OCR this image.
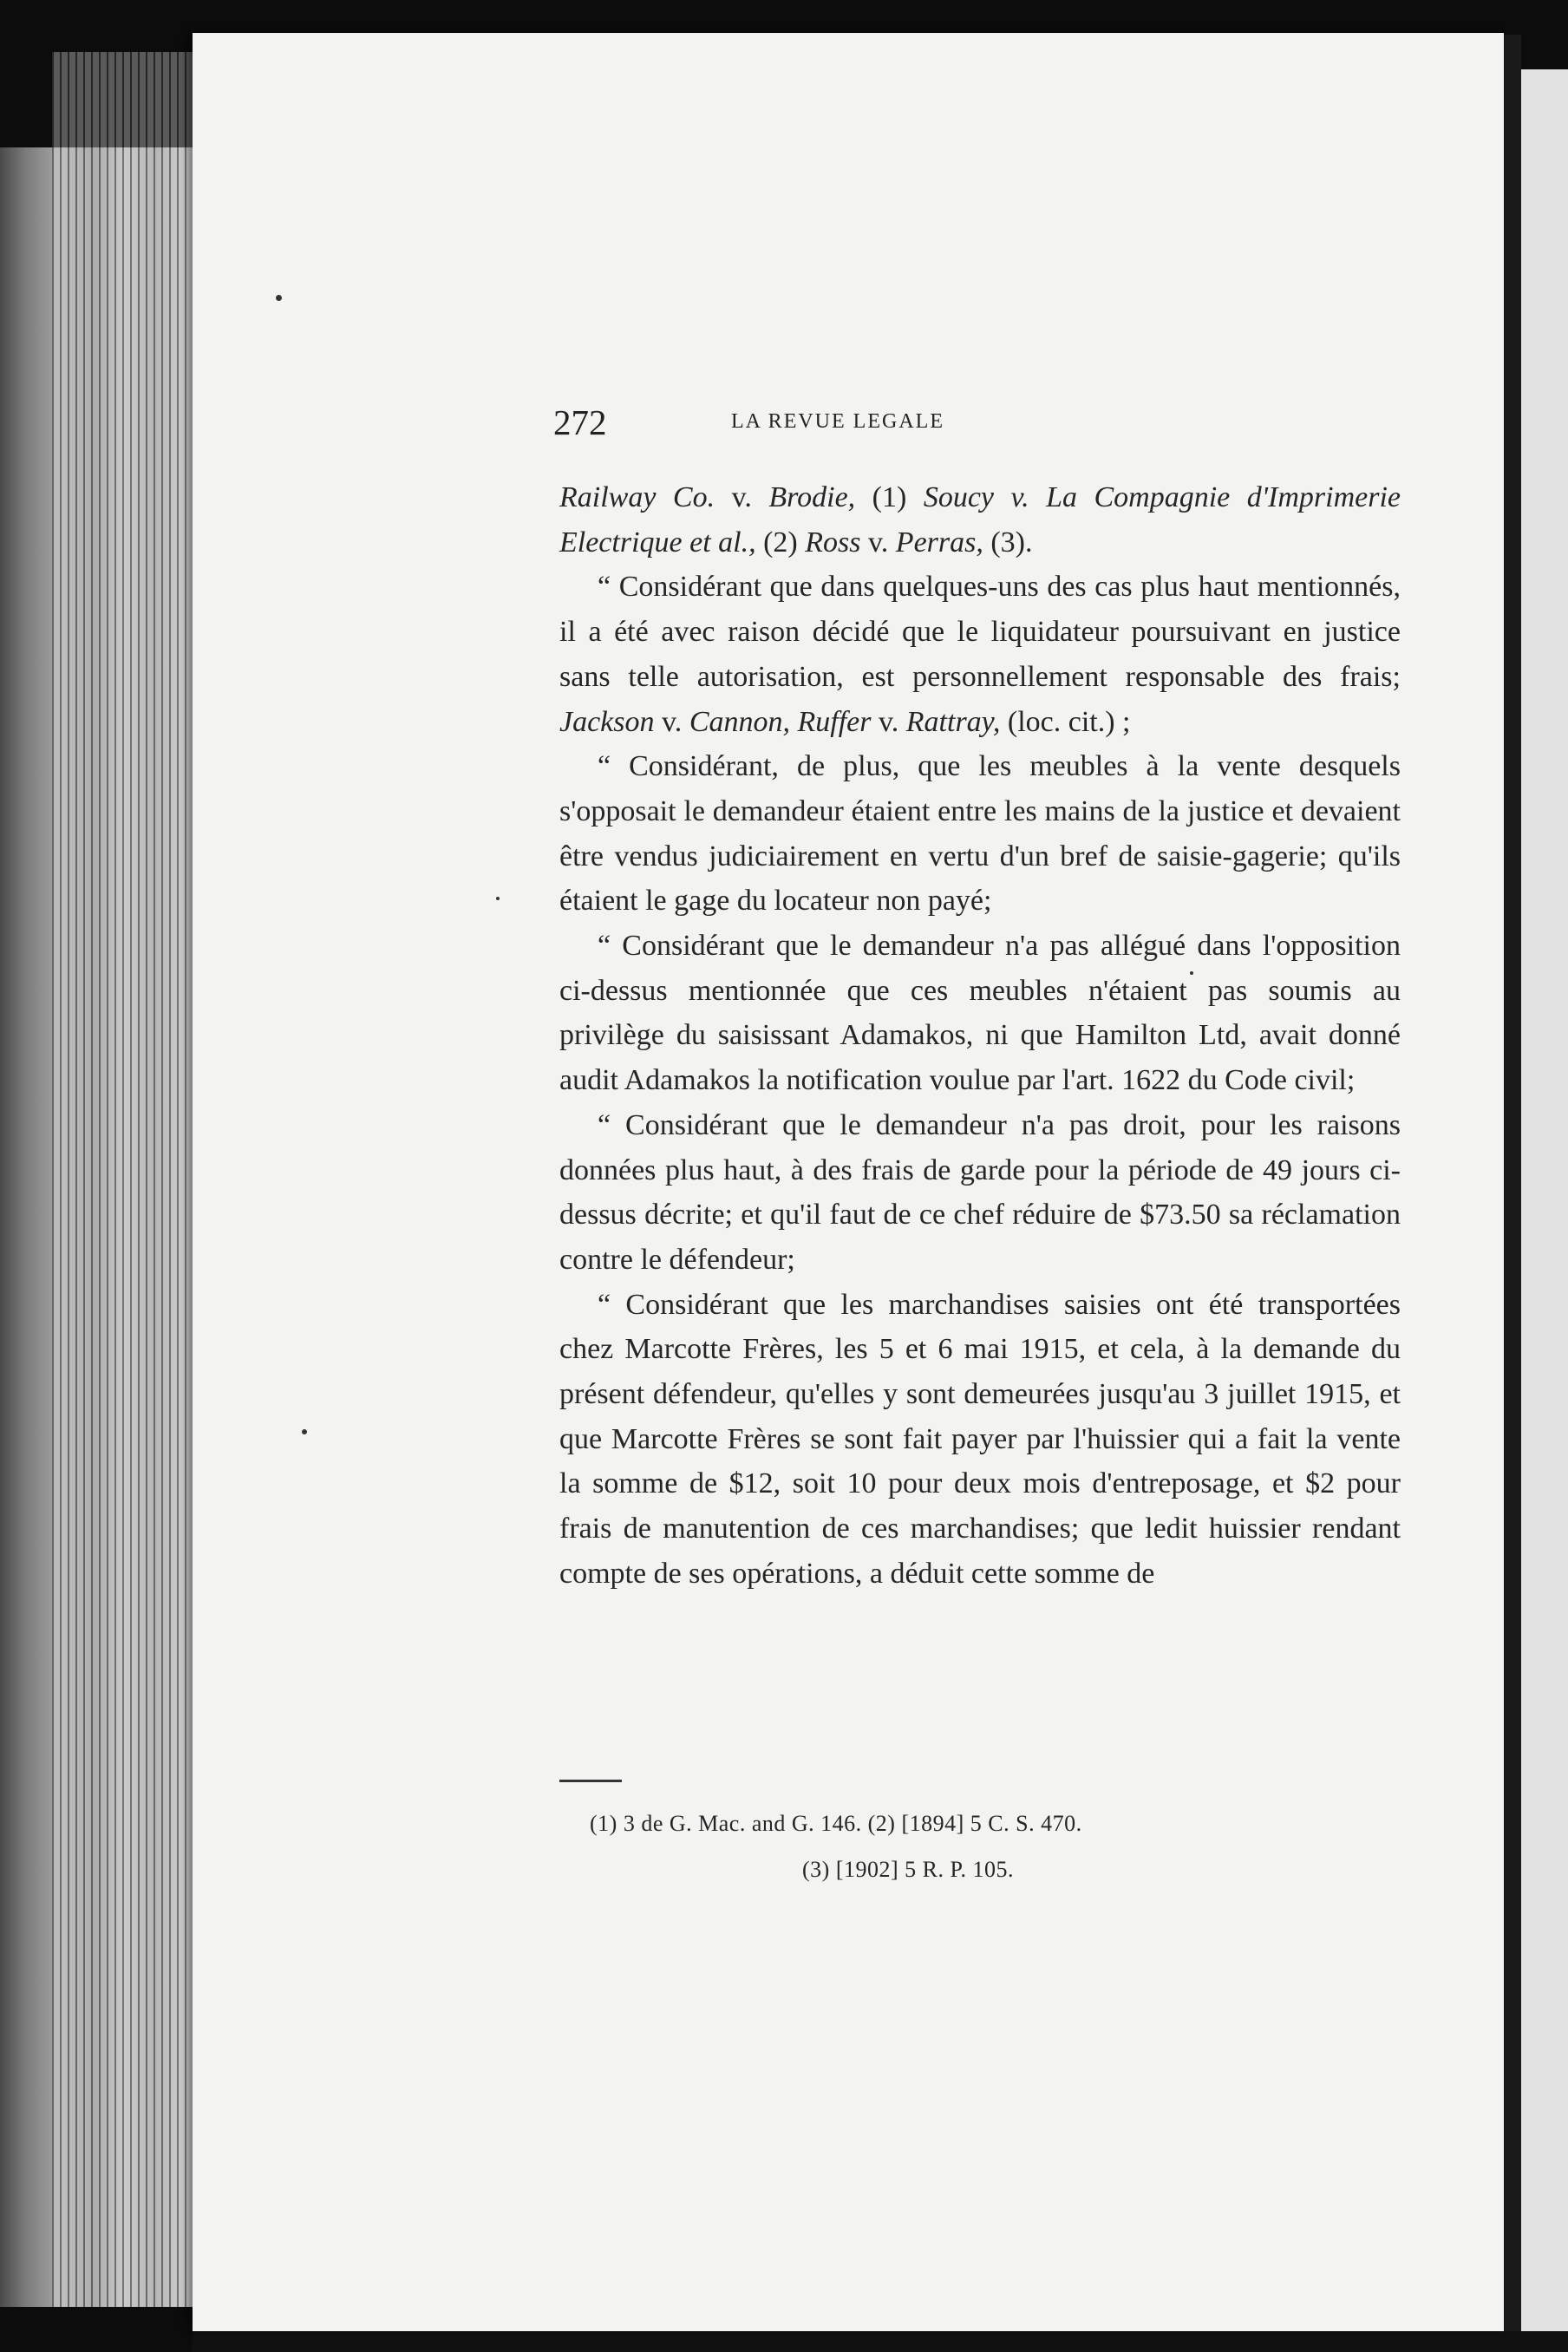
272	LA REVUE LEGALE

Railway Co. v. Brodie, (1) Soucy v. La Compagnie d'Imprimerie Electrique et al., (2) Ross v. Perras, (3).

“ Considérant que dans quelques-uns des cas plus haut mentionnés, il a été avec raison décidé que le liquidateur poursuivant en justice sans telle autorisation, est personnellement responsable des frais; Jackson v. Cannon, Ruffer v. Rattray, (loc. cit.) ;

“ Considérant, de plus, que les meubles à la vente desquels s'opposait le demandeur étaient entre les mains de la justice et devaient être vendus judiciairement en vertu d'un bref de saisie-gagerie; qu'ils étaient le gage du locateur non payé;

“ Considérant que le demandeur n'a pas allégué dans l'opposition ci-dessus mentionnée que ces meubles n'étaient pas soumis au privilège du saisissant Adamakos, ni que Hamilton Ltd, avait donné audit Adamakos la notification voulue par l'art. 1622 du Code civil;

“ Considérant que le demandeur n'a pas droit, pour les raisons données plus haut, à des frais de garde pour la période de 49 jours ci-dessus décrite; et qu'il faut de ce chef réduire de $73.50 sa réclamation contre le défendeur;

“ Considérant que les marchandises saisies ont été transportées chez Marcotte Frères, les 5 et 6 mai 1915, et cela, à la demande du présent défendeur, qu'elles y sont demeurées jusqu'au 3 juillet 1915, et que Marcotte Frères se sont fait payer par l'huissier qui a fait la vente la somme de $12, soit 10 pour deux mois d'entreposage, et $2 pour frais de manutention de ces marchandises; que ledit huissier rendant compte de ses opérations, a déduit cette somme de

(1) 3 de G. Mac. and G. 146. (2) [1894] 5 C. S. 470.
(3) [1902] 5 R. P. 105.
